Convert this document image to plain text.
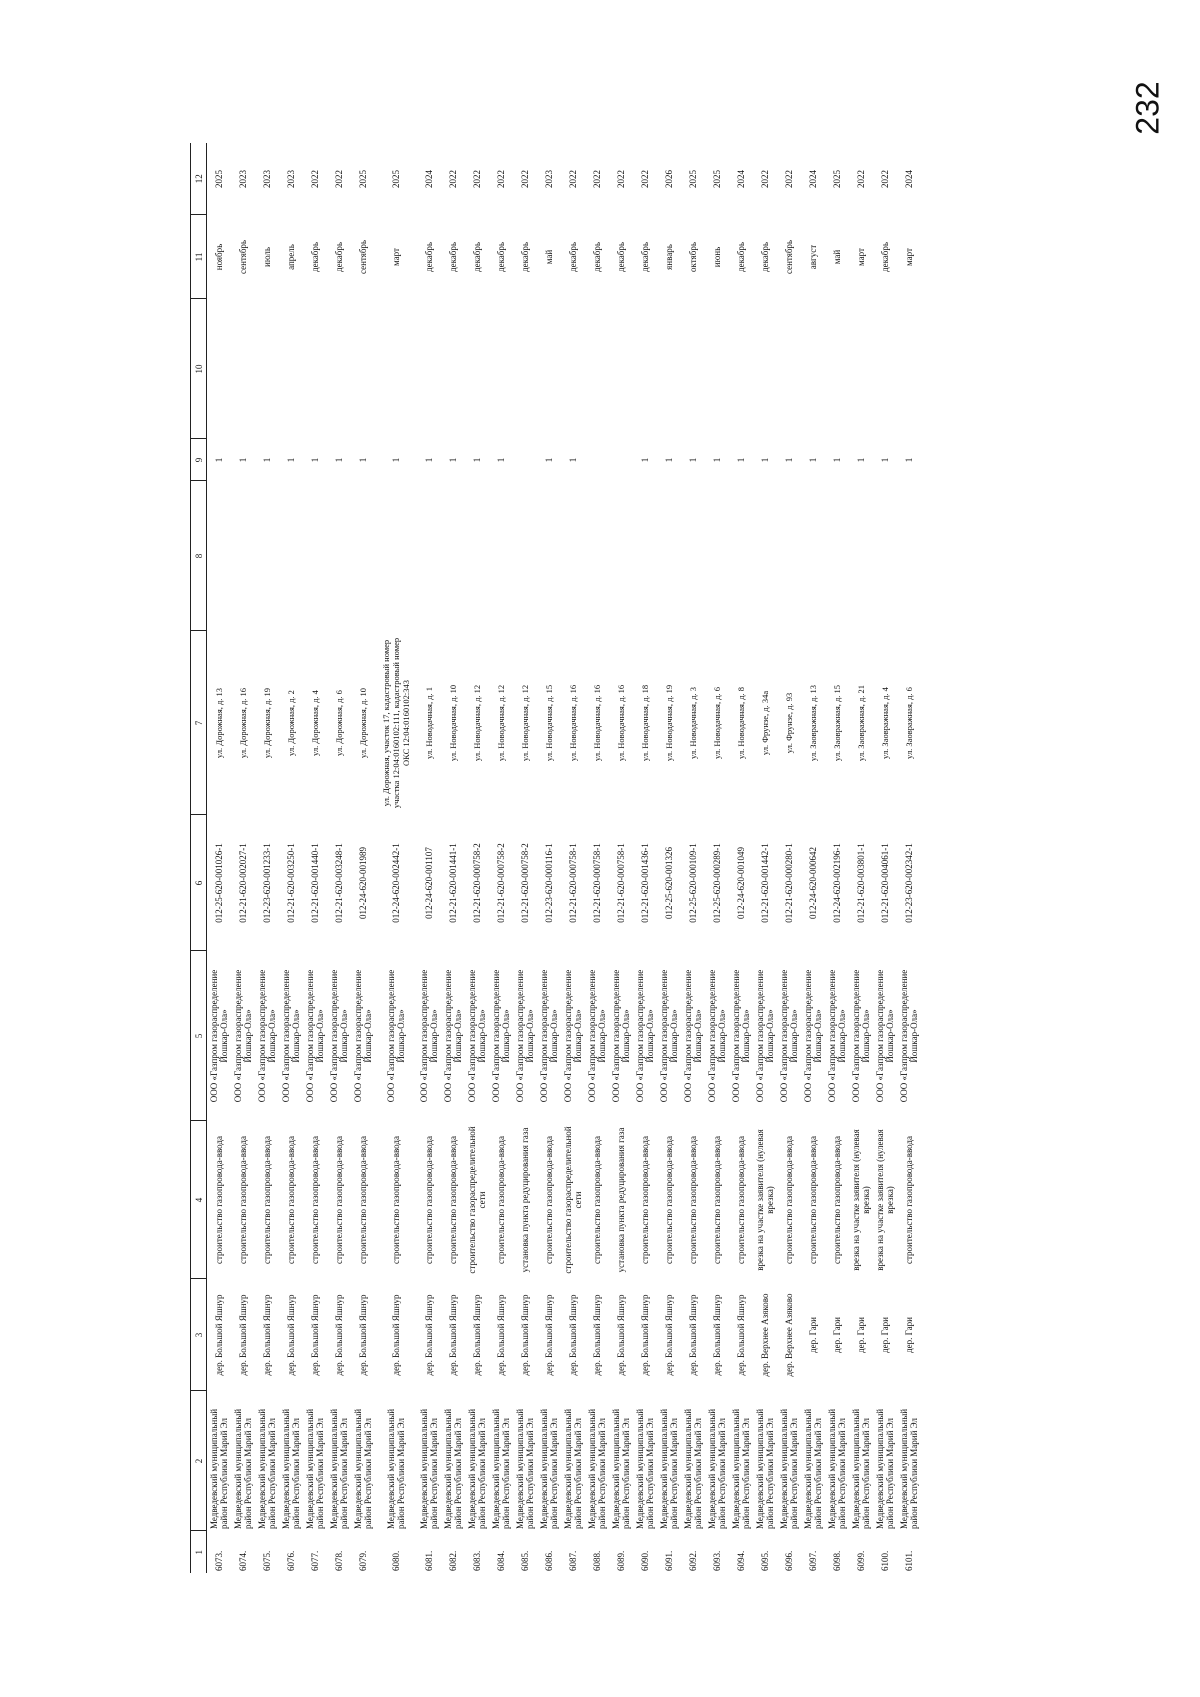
232
1	2	3	4	5	6	7	8	9	10	11	12
6073.	Медведевский муниципальный район Республики Марий Эл	дер. Большой Яшнур	строительство газопровода-ввода	ООО «Газпром газораспределение Йошкар-Ола»	012-25-620-001026-1	ул. Дорожная, д. 13		1		ноябрь	2025
6074.	Медведевский муниципальный район Республики Марий Эл	дер. Большой Яшнур	строительство газопровода-ввода	ООО «Газпром газораспределение Йошкар-Ола»	012-21-620-002027-1	ул. Дорожная, д. 16		1		сентябрь	2023
6075.	Медведевский муниципальный район Республики Марий Эл	дер. Большой Яшнур	строительство газопровода-ввода	ООО «Газпром газораспределение Йошкар-Ола»	012-23-620-001233-1	ул. Дорожная, д. 19		1		июль	2023
6076.	Медведевский муниципальный район Республики Марий Эл	дер. Большой Яшнур	строительство газопровода-ввода	ООО «Газпром газораспределение Йошкар-Ола»	012-21-620-003250-1	ул. Дорожная, д. 2		1		апрель	2023
6077.	Медведевский муниципальный район Республики Марий Эл	дер. Большой Яшнур	строительство газопровода-ввода	ООО «Газпром газораспределение Йошкар-Ола»	012-21-620-001440-1	ул. Дорожная, д. 4		1		декабрь	2022
6078.	Медведевский муниципальный район Республики Марий Эл	дер. Большой Яшнур	строительство газопровода-ввода	ООО «Газпром газораспределение Йошкар-Ола»	012-21-620-003248-1	ул. Дорожная, д. 6		1		декабрь	2022
6079.	Медведевский муниципальный район Республики Марий Эл	дер. Большой Яшнур	строительство газопровода-ввода	ООО «Газпром газораспределение Йошкар-Ола»	012-24-620-001989	ул. Дорожная, д. 10		1		сентябрь	2025
6080.	Медведевский муниципальный район Республики Марий Эл	дер. Большой Яшнур	строительство газопровода-ввода	ООО «Газпром газораспределение Йошкар-Ола»	012-24-620-002442-1	ул. Дорожная, участок 17, кадастровый номер участка 12:04:0160102:111, кадастровый номер ОКС 12:04:0160102:343		1		март	2025
6081.	Медведевский муниципальный район Республики Марий Эл	дер. Большой Яшнур	строительство газопровода-ввода	ООО «Газпром газораспределение Йошкар-Ола»	012-24-620-001107	ул. Новодачная, д. 1		1		декабрь	2024
6082.	Медведевский муниципальный район Республики Марий Эл	дер. Большой Яшнур	строительство газопровода-ввода	ООО «Газпром газораспределение Йошкар-Ола»	012-21-620-001441-1	ул. Новодачная, д. 10		1		декабрь	2022
6083.	Медведевский муниципальный район Республики Марий Эл	дер. Большой Яшнур	строительство газораспределительной сети	ООО «Газпром газораспределение Йошкар-Ола»	012-21-620-000758-2	ул. Новодачная, д. 12		1		декабрь	2022
6084.	Медведевский муниципальный район Республики Марий Эл	дер. Большой Яшнур	строительство газопровода-ввода	ООО «Газпром газораспределение Йошкар-Ола»	012-21-620-000758-2	ул. Новодачная, д. 12		1		декабрь	2022
6085.	Медведевский муниципальный район Республики Марий Эл	дер. Большой Яшнур	установка пункта редуцирования газа	ООО «Газпром газораспределение Йошкар-Ола»	012-21-620-000758-2	ул. Новодачная, д. 12				декабрь	2022
6086.	Медведевский муниципальный район Республики Марий Эл	дер. Большой Яшнур	строительство газопровода-ввода	ООО «Газпром газораспределение Йошкар-Ола»	012-23-620-000116-1	ул. Новодачная, д. 15		1		май	2023
6087.	Медведевский муниципальный район Республики Марий Эл	дер. Большой Яшнур	строительство газораспределительной сети	ООО «Газпром газораспределение Йошкар-Ола»	012-21-620-000758-1	ул. Новодачная, д. 16		1		декабрь	2022
6088.	Медведевский муниципальный район Республики Марий Эл	дер. Большой Яшнур	строительство газопровода-ввода	ООО «Газпром газораспределение Йошкар-Ола»	012-21-620-000758-1	ул. Новодачная, д. 16				декабрь	2022
6089.	Медведевский муниципальный район Республики Марий Эл	дер. Большой Яшнур	установка пункта редуцирования газа	ООО «Газпром газораспределение Йошкар-Ола»	012-21-620-000758-1	ул. Новодачная, д. 16				декабрь	2022
6090.	Медведевский муниципальный район Республики Марий Эл	дер. Большой Яшнур	строительство газопровода-ввода	ООО «Газпром газораспределение Йошкар-Ола»	012-21-620-001436-1	ул. Новодачная, д. 18		1		декабрь	2022
6091.	Медведевский муниципальный район Республики Марий Эл	дер. Большой Яшнур	строительство газопровода-ввода	ООО «Газпром газораспределение Йошкар-Ола»	012-25-620-001326	ул. Новодачная, д. 19		1		январь	2026
6092.	Медведевский муниципальный район Республики Марий Эл	дер. Большой Яшнур	строительство газопровода-ввода	ООО «Газпром газораспределение Йошкар-Ола»	012-25-620-000109-1	ул. Новодачная, д. 3		1		октябрь	2025
6093.	Медведевский муниципальный район Республики Марий Эл	дер. Большой Яшнур	строительство газопровода-ввода	ООО «Газпром газораспределение Йошкар-Ола»	012-25-620-000289-1	ул. Новодачная, д. 6		1		июнь	2025
6094.	Медведевский муниципальный район Республики Марий Эл	дер. Большой Яшнур	строительство газопровода-ввода	ООО «Газпром газораспределение Йошкар-Ола»	012-24-620-001049	ул. Новодачная, д. 8		1		декабрь	2024
6095.	Медведевский муниципальный район Республики Марий Эл	дер. Верхнее Азяково	врезка на участке заявителя (нулевая врезка)	ООО «Газпром газораспределение Йошкар-Ола»	012-21-620-001442-1	ул. Фрунзе, д. 34а		1		декабрь	2022
6096.	Медведевский муниципальный район Республики Марий Эл	дер. Верхнее Азяково	строительство газопровода-ввода	ООО «Газпром газораспределение Йошкар-Ола»	012-21-620-000280-1	ул. Фрунзе, д. 93		1		сентябрь	2022
6097.	Медведевский муниципальный район Республики Марий Эл	дер. Гари	строительство газопровода-ввода	ООО «Газпром газораспределение Йошкар-Ола»	012-24-620-000642	ул. Заовражная, д. 13		1		август	2024
6098.	Медведевский муниципальный район Республики Марий Эл	дер. Гари	строительство газопровода-ввода	ООО «Газпром газораспределение Йошкар-Ола»	012-24-620-002196-1	ул. Заовражная, д. 15		1		май	2025
6099.	Медведевский муниципальный район Республики Марий Эл	дер. Гари	врезка на участке заявителя (нулевая врезка)	ООО «Газпром газораспределение Йошкар-Ола»	012-21-620-003801-1	ул. Заовражная, д. 21		1		март	2022
6100.	Медведевский муниципальный район Республики Марий Эл	дер. Гари	врезка на участке заявителя (нулевая врезка)	ООО «Газпром газораспределение Йошкар-Ола»	012-21-620-004061-1	ул. Заовражная, д. 4		1		декабрь	2022
6101.	Медведевский муниципальный район Республики Марий Эл	дер. Гари	строительство газопровода-ввода	ООО «Газпром газораспределение Йошкар-Ола»	012-23-620-002342-1	ул. Заовражная, д. 6		1		март	2024
